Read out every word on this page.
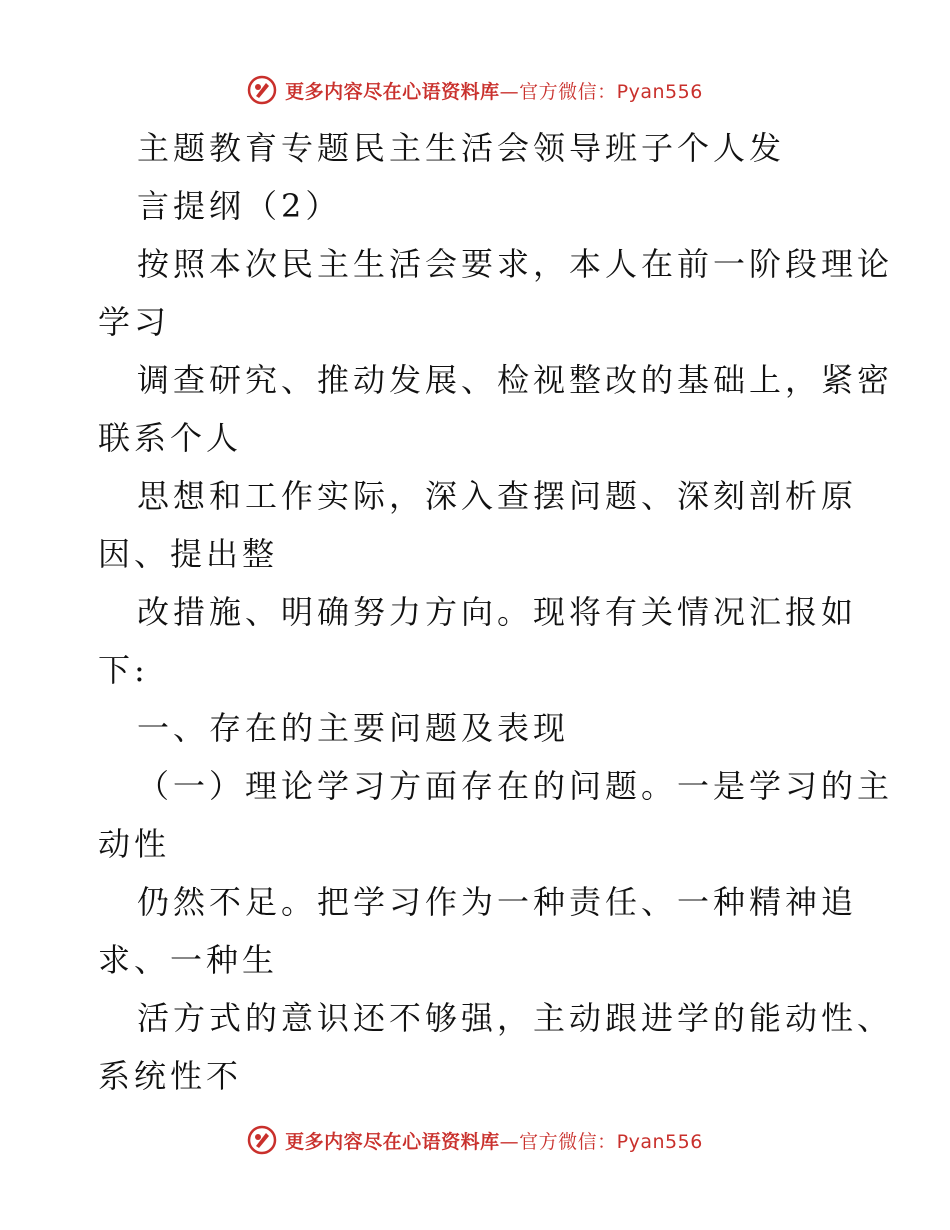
更多内容尽在心语资料库—官方微信：Pyan556
主题教育专题民主生活会领导班子个人发
言提纲（2）
按照本次民主生活会要求，本人在前一阶段理论
学习
调查研究、推动发展、检视整改的基础上，紧密
联系个人
思想和工作实际，深入查摆问题、深刻剖析原
因、提出整
改措施、明确努力方向。现将有关情况汇报如
下:
一、存在的主要问题及表现
（一）理论学习方面存在的问题。一是学习的主
动性
仍然不足。把学习作为一种责任、一种精神追
求、一种生
活方式的意识还不够强，主动跟进学的能动性、
系统性不
更多内容尽在心语资料库—官方微信：Pyan556
